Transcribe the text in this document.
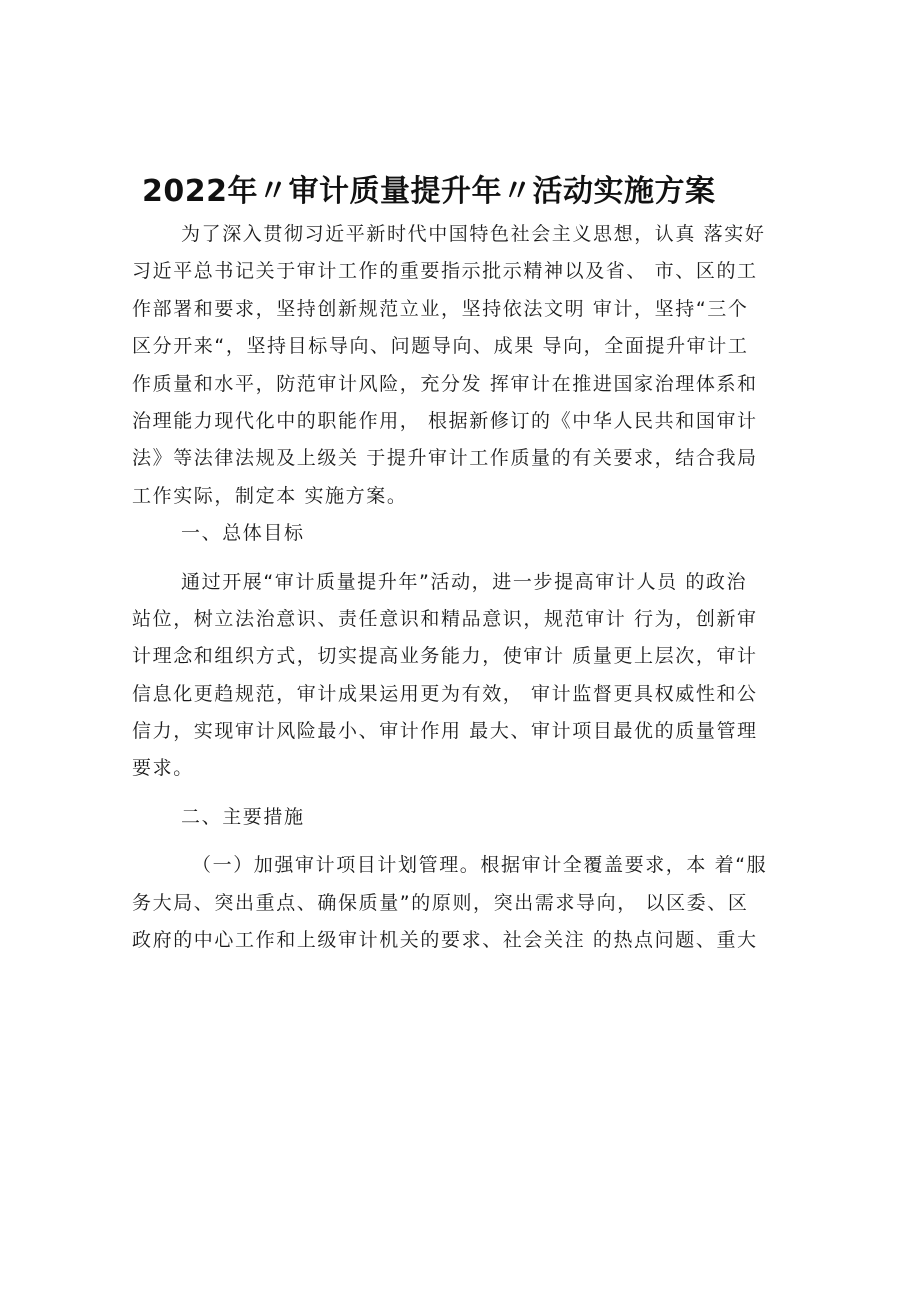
2022年〃审计质量提升年〃活动实施方案
为了深入贯彻习近平新时代中国特色社会主义思想，认真 落实好
习近平总书记关于审计工作的重要指示批示精神以及省、 市、区的工
作部署和要求，坚持创新规范立业，坚持依法文明 审计，坚持“三个
区分开来“，坚持目标导向、问题导向、成果 导向，全面提升审计工
作质量和水平，防范审计风险，充分发 挥审计在推进国家治理体系和
治理能力现代化中的职能作用， 根据新修订的《中华人民共和国审计
法》等法律法规及上级关 于提升审计工作质量的有关要求，结合我局
工作实际，制定本 实施方案。
一、总体目标
通过开展“审计质量提升年”活动，进一步提高审计人员 的政治
站位，树立法治意识、责任意识和精品意识，规范审计 行为，创新审
计理念和组织方式，切实提高业务能力，使审计 质量更上层次，审计
信息化更趋规范，审计成果运用更为有效， 审计监督更具权威性和公
信力，实现审计风险最小、审计作用 最大、审计项目最优的质量管理
要求。
二、主要措施
（一）加强审计项目计划管理。根据审计全覆盖要求，本 着“服
务大局、突出重点、确保质量”的原则，突出需求导向， 以区委、区
政府的中心工作和上级审计机关的要求、社会关注 的热点问题、重大
